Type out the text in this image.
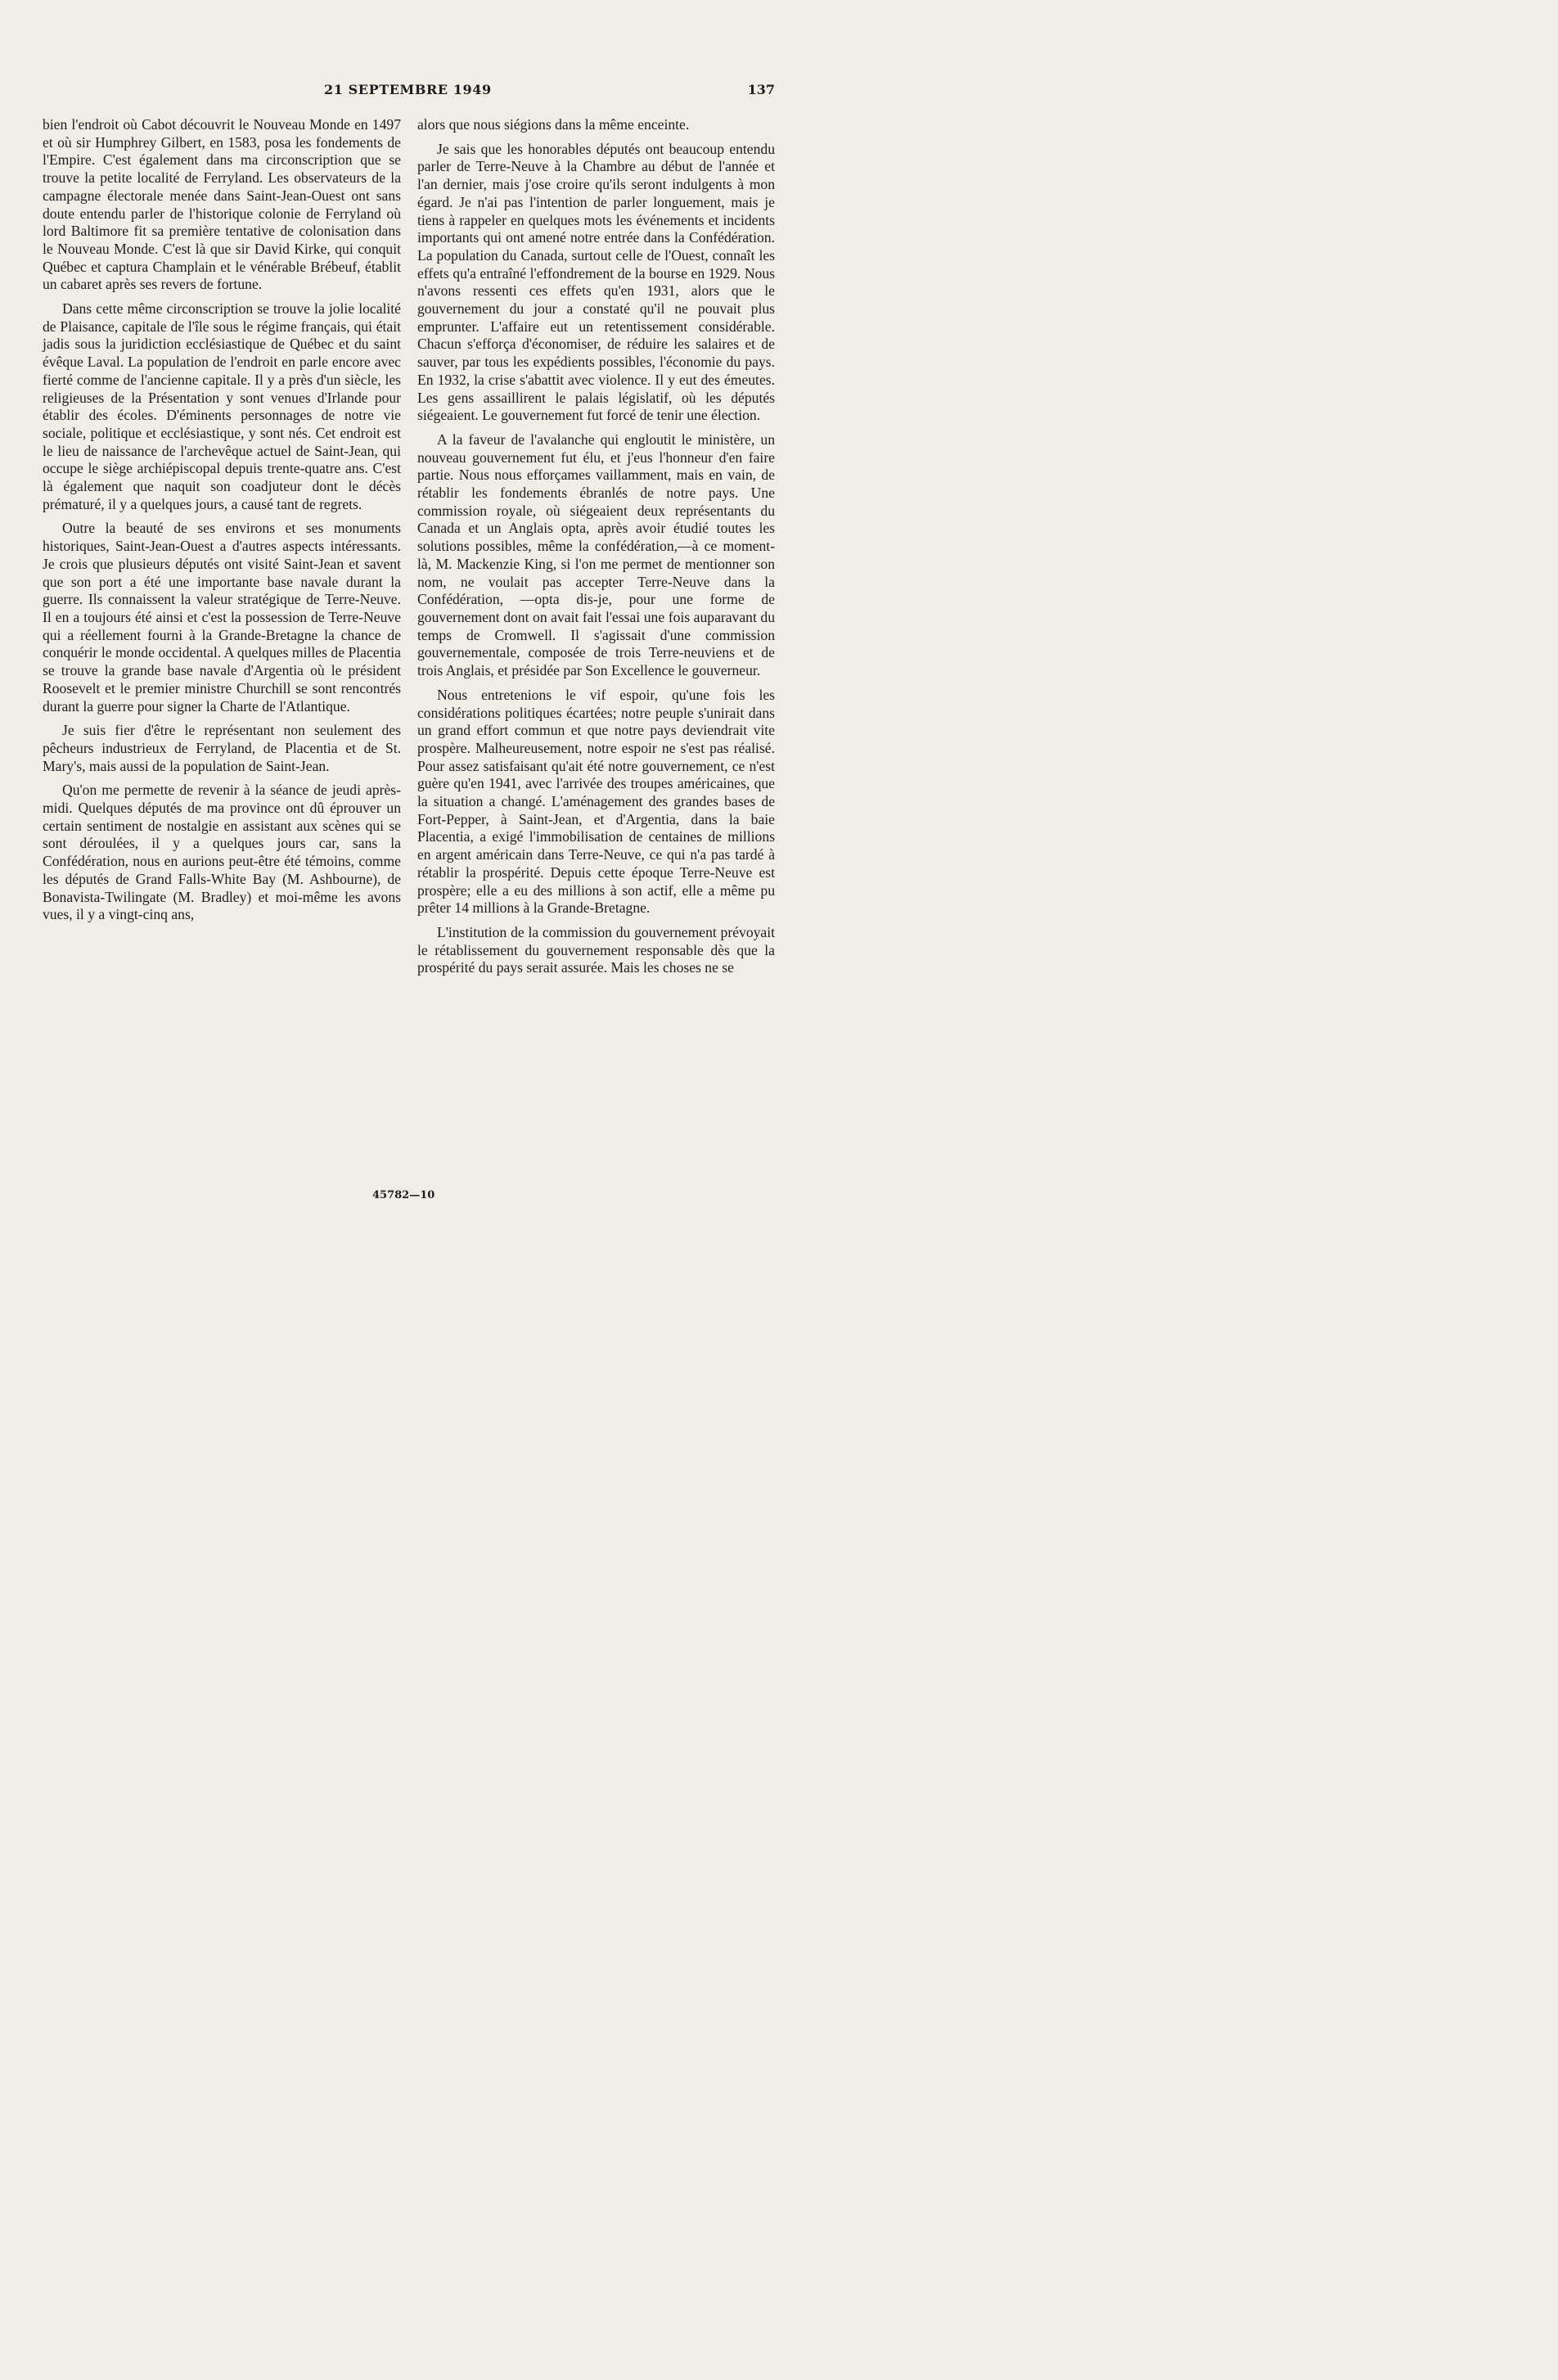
21 SEPTEMBRE 1949	137

bien l'endroit où Cabot découvrit le Nouveau Monde en 1497 et où sir Humphrey Gilbert, en 1583, posa les fondements de l'Empire. C'est également dans ma circonscription que se trouve la petite localité de Ferryland. Les observateurs de la campagne électorale menée dans Saint-Jean-Ouest ont sans doute entendu parler de l'historique colonie de Ferryland où lord Baltimore fit sa première tentative de colonisation dans le Nouveau Monde. C'est là que sir David Kirke, qui conquit Québec et captura Champlain et le vénérable Brébeuf, établit un cabaret après ses revers de fortune.

Dans cette même circonscription se trouve la jolie localité de Plaisance, capitale de l'île sous le régime français, qui était jadis sous la juridiction ecclésiastique de Québec et du saint évêque Laval. La population de l'endroit en parle encore avec fierté comme de l'ancienne capitale. Il y a près d'un siècle, les religieuses de la Présentation y sont venues d'Irlande pour établir des écoles. D'éminents personnages de notre vie sociale, politique et ecclésiastique, y sont nés. Cet endroit est le lieu de naissance de l'archevêque actuel de Saint-Jean, qui occupe le siège archiépiscopal depuis trente-quatre ans. C'est là également que naquit son coadjuteur dont le décès prématuré, il y a quelques jours, a causé tant de regrets.

Outre la beauté de ses environs et ses monuments historiques, Saint-Jean-Ouest a d'autres aspects intéressants. Je crois que plusieurs députés ont visité Saint-Jean et savent que son port a été une importante base navale durant la guerre. Ils connaissent la valeur stratégique de Terre-Neuve. Il en a toujours été ainsi et c'est la possession de Terre-Neuve qui a réellement fourni à la Grande-Bretagne la chance de conquérir le monde occidental. A quelques milles de Placentia se trouve la grande base navale d'Argentia où le président Roosevelt et le premier ministre Churchill se sont rencontrés durant la guerre pour signer la Charte de l'Atlantique.

Je suis fier d'être le représentant non seulement des pêcheurs industrieux de Ferryland, de Placentia et de St. Mary's, mais aussi de la population de Saint-Jean.

Qu'on me permette de revenir à la séance de jeudi après-midi. Quelques députés de ma province ont dû éprouver un certain sentiment de nostalgie en assistant aux scènes qui se sont déroulées, il y a quelques jours car, sans la Confédération, nous en aurions peut-être été témoins, comme les députés de Grand Falls-White Bay (M. Ashbourne), de Bonavista-Twilingate (M. Bradley) et moi-même les avons vues, il y a vingt-cinq ans,

alors que nous siégions dans la même enceinte.

Je sais que les honorables députés ont beaucoup entendu parler de Terre-Neuve à la Chambre au début de l'année et l'an dernier, mais j'ose croire qu'ils seront indulgents à mon égard. Je n'ai pas l'intention de parler longuement, mais je tiens à rappeler en quelques mots les événements et incidents importants qui ont amené notre entrée dans la Confédération. La population du Canada, surtout celle de l'Ouest, connaît les effets qu'a entraîné l'effondrement de la bourse en 1929. Nous n'avons ressenti ces effets qu'en 1931, alors que le gouvernement du jour a constaté qu'il ne pouvait plus emprunter. L'affaire eut un retentissement considérable. Chacun s'efforça d'économiser, de réduire les salaires et de sauver, par tous les expédients possibles, l'économie du pays. En 1932, la crise s'abattit avec violence. Il y eut des émeutes. Les gens assaillirent le palais législatif, où les députés siégeaient. Le gouvernement fut forcé de tenir une élection.

A la faveur de l'avalanche qui engloutit le ministère, un nouveau gouvernement fut élu, et j'eus l'honneur d'en faire partie. Nous nous efforçames vaillamment, mais en vain, de rétablir les fondements ébranlés de notre pays. Une commission royale, où siégeaient deux représentants du Canada et un Anglais opta, après avoir étudié toutes les solutions possibles, même la confédération,—à ce moment-là, M. Mackenzie King, si l'on me permet de mentionner son nom, ne voulait pas accepter Terre-Neuve dans la Confédération, —opta dis-je, pour une forme de gouvernement dont on avait fait l'essai une fois auparavant du temps de Cromwell. Il s'agissait d'une commission gouvernementale, composée de trois Terre-neuviens et de trois Anglais, et présidée par Son Excellence le gouverneur.

Nous entretenions le vif espoir, qu'une fois les considérations politiques écartées; notre peuple s'unirait dans un grand effort commun et que notre pays deviendrait vite prospère. Malheureusement, notre espoir ne s'est pas réalisé. Pour assez satisfaisant qu'ait été notre gouvernement, ce n'est guère qu'en 1941, avec l'arrivée des troupes américaines, que la situation a changé. L'aménagement des grandes bases de Fort-Pepper, à Saint-Jean, et d'Argentia, dans la baie Placentia, a exigé l'immobilisation de centaines de millions en argent américain dans Terre-Neuve, ce qui n'a pas tardé à rétablir la prospérité. Depuis cette époque Terre-Neuve est prospère; elle a eu des millions à son actif, elle a même pu prêter 14 millions à la Grande-Bretagne.

L'institution de la commission du gouvernement prévoyait le rétablissement du gouvernement responsable dès que la prospérité du pays serait assurée. Mais les choses ne se

45782—10
